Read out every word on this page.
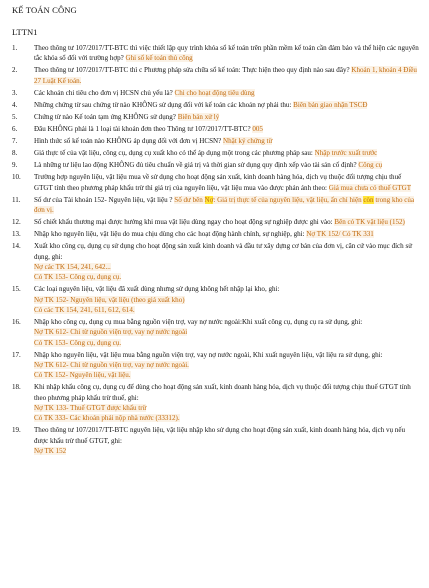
KẾ TOÁN CÔNG
LTTN1
1. Theo thông tư 107/2017/TT-BTC thì việc thiết lập quy trình khóa sổ kế toán trên phần mềm kế toán cần đảm bảo và thể hiện các nguyên tắc khóa sổ đối với trường hợp? Ghi sổ kế toán thủ công
2. Theo thông tư 107/2017/TT-BTC thì c Phương pháp sửa chữa sổ kế toán: Thực hiện theo quy định nào sau đây? Khoản 1, khoản 4 Điều 27 Luật Kế toán.
3. Các khoản chi tiêu cho đơn vị HCSN chủ yếu là? Chi cho hoạt động tiêu dùng
4. Những chứng từ sau chứng từ nào KHÔNG sử dụng đối với kế toán các khoản nợ phải thu: Biên bản giao nhận TSCĐ
5. Chứng từ nào Kế toán tạm ứng KHÔNG sử dụng? Biên bản xử lý
6. Đâu KHÔNG phải là 1 loại tài khoản đơn theo Thông tư 107/2017/TT-BTC? 005
7. Hình thức sổ kế toán nào KHÔNG áp dụng đối với đơn vị HCSN? Nhật ký chứng từ
8. Giá thực tế của vật liệu, công cụ, dụng cụ xuất kho có thể áp dụng một trong các phương pháp sau: Nhập trước xuất trước
9. Là những tư liệu lao động KHÔNG đủ tiêu chuẩn về giá trị và thời gian sử dụng quy định xếp vào tài sản cố định? Công cụ
10. Trường hợp nguyên liệu, vật liệu mua về sử dụng cho hoạt động sản xuất, kinh doanh hàng hóa, dịch vụ thuộc đối tượng chịu thuế GTGT tính theo phương pháp khấu trừ thì giá trị của nguyên liệu, vật liệu mua vào được phản ánh theo: Giá mua chưa có thuế GTGT
11. Số dư của Tài khoản 152- Nguyên liệu, vật liệu ? Số dư bên Nợ: Giá trị thực tế của nguyên liệu, vật liệu, ấn chỉ hiện còn trong kho của đơn vị.
12. Số chiết khấu thương mại được hưởng khi mua vật liệu dùng ngay cho hoạt động sự nghiệp được ghi vào: Bên có TK vật liệu (152)
13. Nhập kho nguyên liệu, vật liệu do mua chịu dùng cho các hoạt động hành chính, sự nghiệp, ghi: Nợ TK 152/ Có TK 331
14. Xuất kho công cụ, dụng cụ sử dụng cho hoạt động sản xuất kinh doanh và đầu tư xây dựng cơ bản của đơn vị, căn cứ vào mục đích sử dụng, ghi:
Nợ các TK 154, 241, 642...
Có TK 153- Công cụ, dụng cụ.
15. Các loại nguyên liệu, vật liệu đã xuất dùng nhưng sử dụng không hết nhập lại kho, ghi:
Nợ TK 152- Nguyên liệu, vật liệu (theo giá xuất kho)
Có các TK 154, 241, 611, 612, 614.
16. Nhập kho công cụ, dụng cụ mua bằng nguồn viện trợ, vay nợ nước ngoài:Khi xuất công cụ, dụng cụ ra sử dụng, ghi:
Nợ TK 612- Chi từ nguồn viện trợ, vay nợ nước ngoài
Có TK 153- Công cụ, dụng cụ.
17. Nhập kho nguyên liệu, vật liệu mua bằng nguồn viện trợ, vay nợ nước ngoài, Khi xuất nguyên liệu, vật liệu ra sử dụng, ghi:
Nợ TK 612- Chi từ nguồn viện trợ, vay nợ nước ngoài.
Có TK 152- Nguyên liệu, vật liệu.
18. Khi nhập khẩu công cụ, dụng cụ để dùng cho hoạt động sản xuất, kinh doanh hàng hóa, dịch vụ thuộc đối tượng chịu thuế GTGT tính theo phương pháp khấu trừ thuế, ghi:
Nợ TK 133- Thuế GTGT được khấu trừ
Có TK 333- Các khoản phải nộp nhà nước (33312).
19. Theo thông tư 107/2017/TT-BTC nguyên liệu, vật liệu nhập kho sử dụng cho hoạt động sản xuất, kinh doanh hàng hóa, dịch vụ nếu được khấu trừ thuế GTGT, ghi:
Nợ TK 152
